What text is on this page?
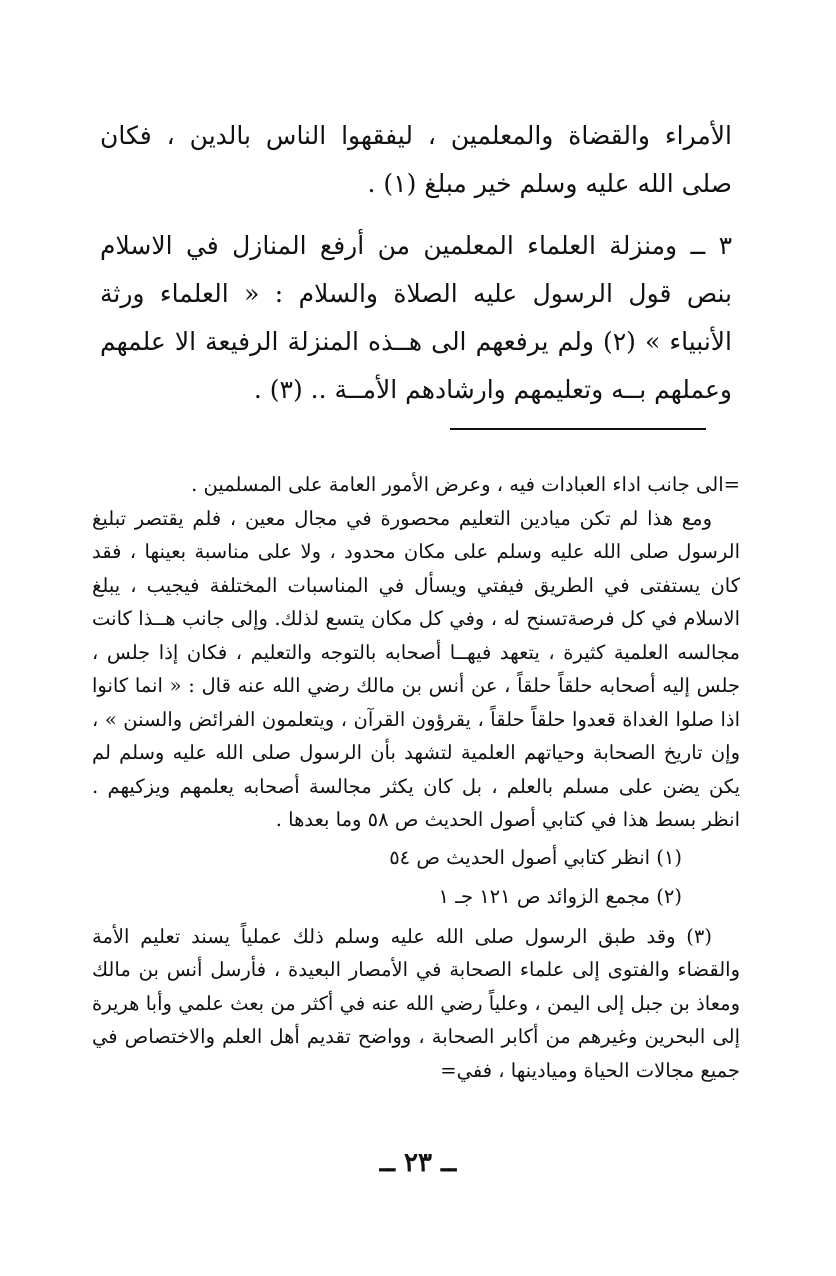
الأمراء والقضاة والمعلمين ، ليفقهوا الناس بالدين ، فكان صلى الله عليه وسلم خير مبلغ (١) .

٣ ــ ومنزلة العلماء المعلمين من أرفع المنازل في الاسلام بنص قول الرسول عليه الصلاة والسلام : « العلماء ورثة الأنبياء » (٢) ولم يرفعهم الى هــذه المنزلة الرفيعة الا علمهم وعملهم بــه وتعليمهم وارشادهم الأمــة .. (٣) .

=الى جانب اداء العبادات فيه ، وعرض الأمور العامة على المسلمين .

ومع هذا لم تكن ميادين التعليم محصورة في مجال معين ، فلم يقتصر تبليغ الرسول صلى الله عليه وسلم على مكان محدود ، ولا على مناسبة بعينها ، فقد كان يستفتى في الطريق فيفتي ويسأل في المناسبات المختلفة فيجيب ، يبلغ الاسلام في كل فرصةتسنح له ، وفي كل مكان يتسع لذلك. وإلى جانب هــذا كانت مجالسه العلمية كثيرة ، يتعهد فيهــا أصحابه بالتوجه والتعليم ، فكان إذا جلس ، جلس إليه أصحابه حلقاً حلقاً ، عن أنس بن مالك رضي الله عنه قال : « انما كانوا اذا صلوا الغداة قعدوا حلقاً حلقاً ، يقرؤون القرآن ، ويتعلمون الفرائض والسنن » ، وإن تاريخ الصحابة وحياتهم العلمية لتشهد بأن الرسول صلى الله عليه وسلم لم يكن يضن على مسلم بالعلم ، بل كان يكثر مجالسة أصحابه يعلمهم ويزكيهم . انظر بسط هذا في كتابي أصول الحديث ص ٥٨ وما بعدها .

(١) انظر كتابي أصول الحديث ص ٥٤

(٢) مجمع الزوائد ص ١٢١ جـ ١

(٣) وقد طبق الرسول صلى الله عليه وسلم ذلك عملياً يسند تعليم الأمة والقضاء والفتوى إلى علماء الصحابة في الأمصار البعيدة ، فأرسل أنس بن مالك ومعاذ بن جبل إلى اليمن ، وعلياً رضي الله عنه في أكثر من بعث علمي وأبا هريرة إلى البحرين وغيرهم من أكابر الصحابة ، وواضح تقديم أهل العلم والاختصاص في جميع مجالات الحياة وميادينها ، ففي=

ــ ٢٣ ــ
